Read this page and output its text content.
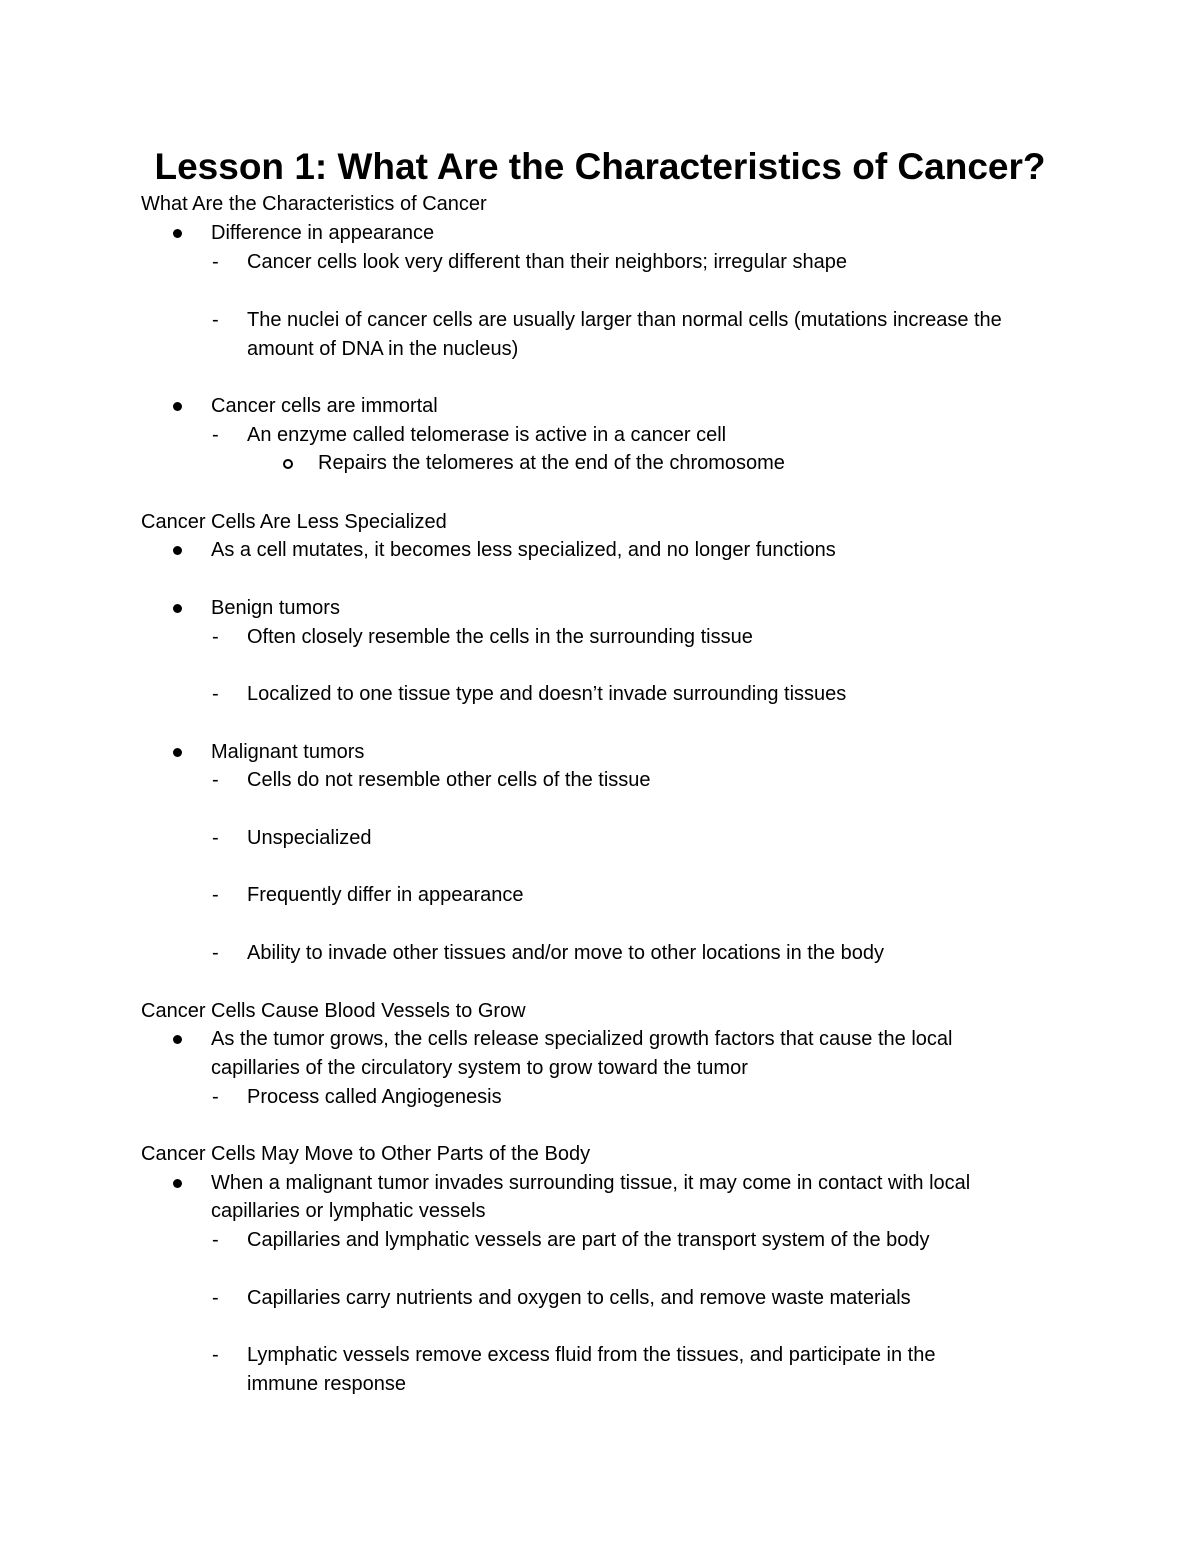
Lesson 1: What Are the Characteristics of Cancer?
What Are the Characteristics of Cancer
Difference in appearance
- Cancer cells look very different than their neighbors; irregular shape
- The nuclei of cancer cells are usually larger than normal cells (mutations increase the
amount of DNA in the nucleus)
Cancer cells are immortal
- An enzyme called telomerase is active in a cancer cell
Repairs the telomeres at the end of the chromosome
Cancer Cells Are Less Specialized
As a cell mutates, it becomes less specialized, and no longer functions
Benign tumors
- Often closely resemble the cells in the surrounding tissue
- Localized to one tissue type and doesn’t invade surrounding tissues
Malignant tumors
- Cells do not resemble other cells of the tissue
- Unspecialized
- Frequently differ in appearance
- Ability to invade other tissues and/or move to other locations in the body
Cancer Cells Cause Blood Vessels to Grow
As the tumor grows, the cells release specialized growth factors that cause the local
capillaries of the circulatory system to grow toward the tumor
- Process called Angiogenesis
Cancer Cells May Move to Other Parts of the Body
When a malignant tumor invades surrounding tissue, it may come in contact with local
capillaries or lymphatic vessels
- Capillaries and lymphatic vessels are part of the transport system of the body
- Capillaries carry nutrients and oxygen to cells, and remove waste materials
- Lymphatic vessels remove excess fluid from the tissues, and participate in the
immune response
